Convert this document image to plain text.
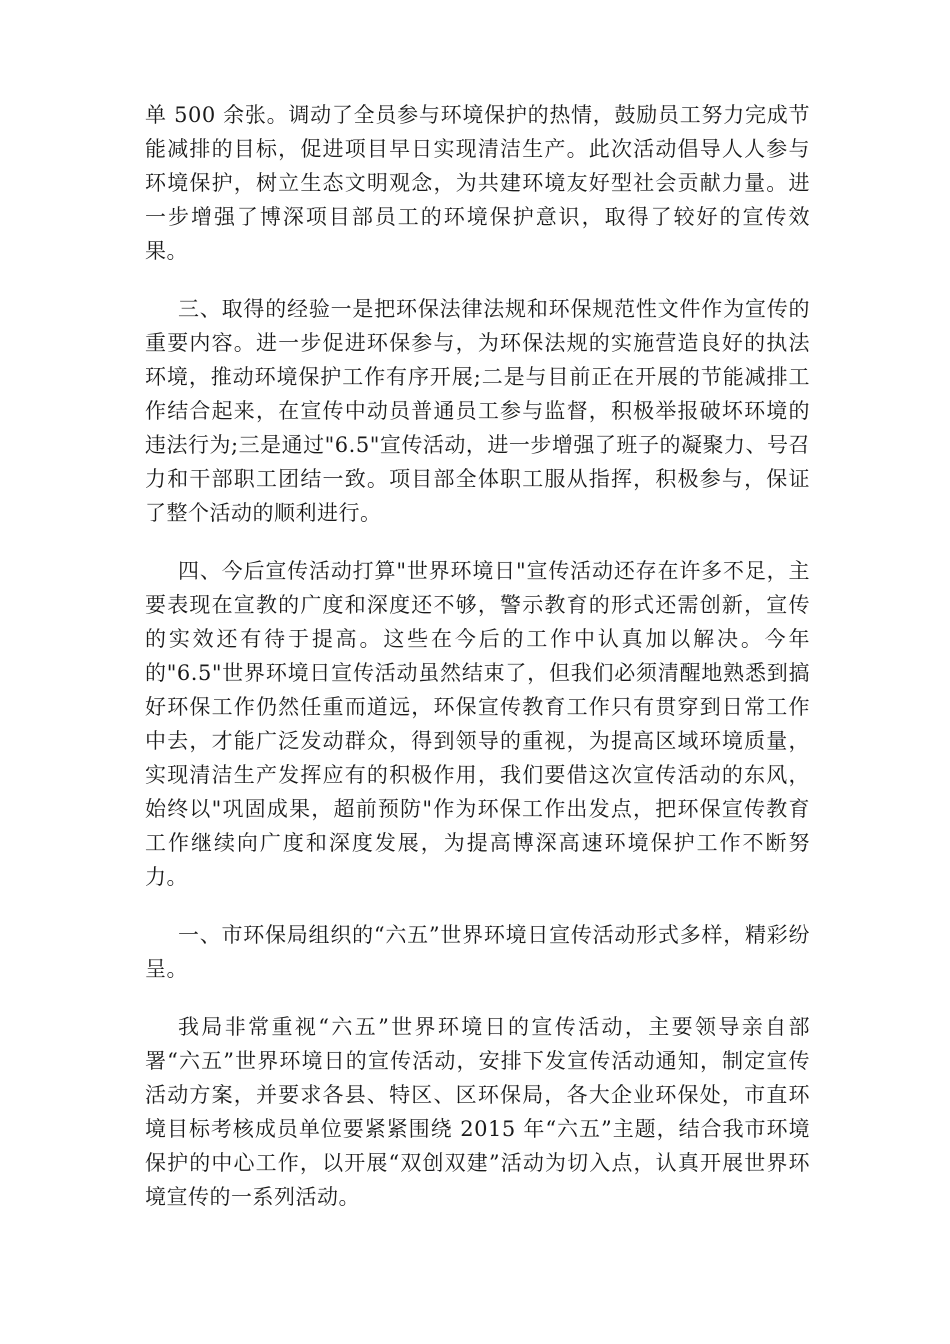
单 500 余张。调动了全员参与环境保护的热情，鼓励员工努力完成节能减排的目标，促进项目早日实现清洁生产。此次活动倡导人人参与环境保护，树立生态文明观念，为共建环境友好型社会贡献力量。进一步增强了博深项目部员工的环境保护意识，取得了较好的宣传效果。

三、取得的经验一是把环保法律法规和环保规范性文件作为宣传的重要内容。进一步促进环保参与，为环保法规的实施营造良好的执法环境，推动环境保护工作有序开展;二是与目前正在开展的节能减排工作结合起来，在宣传中动员普通员工参与监督，积极举报破坏环境的违法行为;三是通过"6.5"宣传活动，进一步增强了班子的凝聚力、号召力和干部职工团结一致。项目部全体职工服从指挥，积极参与，保证了整个活动的顺利进行。

四、今后宣传活动打算"世界环境日"宣传活动还存在许多不足，主要表现在宣教的广度和深度还不够，警示教育的形式还需创新，宣传的实效还有待于提高。这些在今后的工作中认真加以解决。今年的"6.5"世界环境日宣传活动虽然结束了，但我们必须清醒地熟悉到搞好环保工作仍然任重而道远，环保宣传教育工作只有贯穿到日常工作中去，才能广泛发动群众，得到领导的重视，为提高区域环境质量，实现清洁生产发挥应有的积极作用，我们要借这次宣传活动的东风，始终以"巩固成果，超前预防"作为环保工作出发点，把环保宣传教育工作继续向广度和深度发展，为提高博深高速环境保护工作不断努力。

一、市环保局组织的“六五”世界环境日宣传活动形式多样，精彩纷呈。

我局非常重视“六五”世界环境日的宣传活动，主要领导亲自部署“六五”世界环境日的宣传活动，安排下发宣传活动通知，制定宣传活动方案，并要求各县、特区、区环保局，各大企业环保处，市直环境目标考核成员单位要紧紧围绕 2015 年“六五”主题，结合我市环境保护的中心工作，以开展“双创双建”活动为切入点，认真开展世界环境宣传的一系列活动。
